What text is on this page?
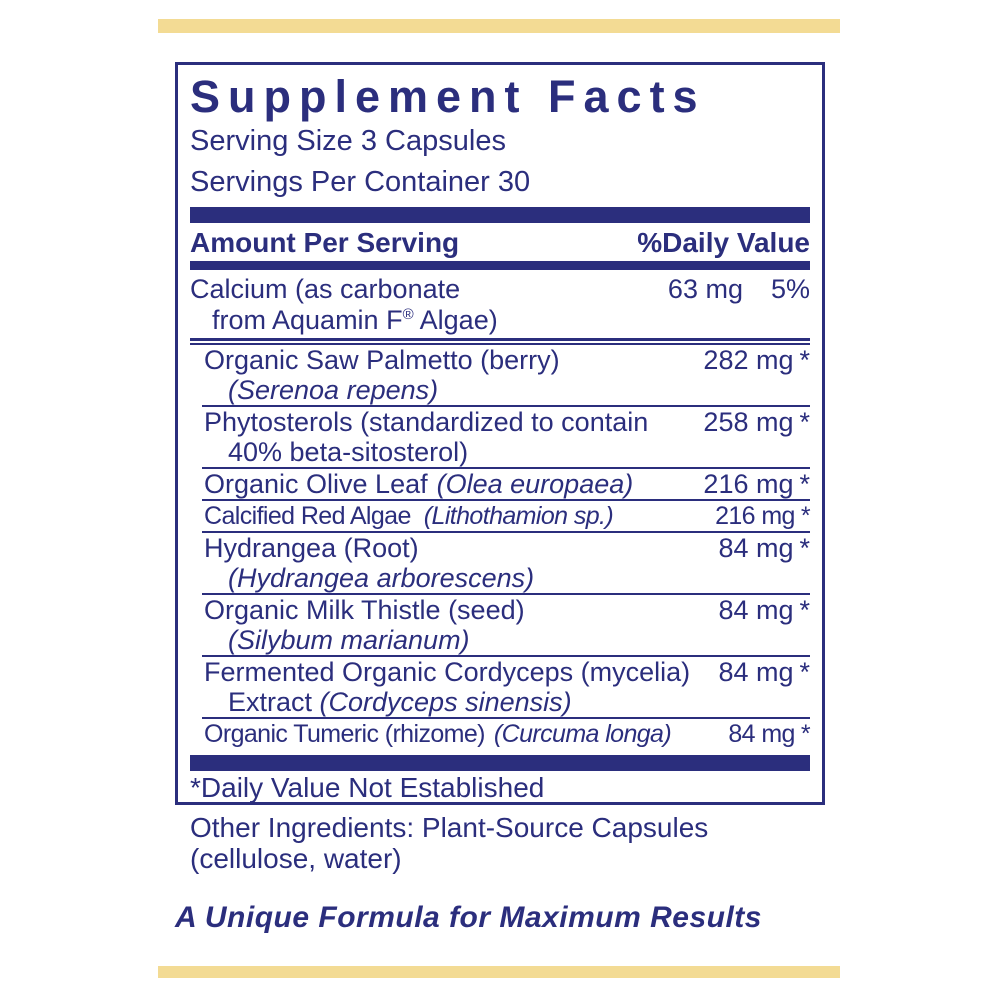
Supplement Facts
Serving Size 3 Capsules
Servings Per Container 30
Amount Per Serving	%Daily Value
Calcium (as carbonate	63 mg 5%
from Aquamin F® Algae)
Organic Saw Palmetto (berry)	282 mg *
(Serenoa repens)
Phytosterols (standardized to contain	258 mg *
40% beta-sitosterol)
Organic Olive Leaf (Olea europaea)	216 mg *
Calcified Red Algae (Lithothamion sp.)	216 mg *
Hydrangea (Root)	84 mg *
(Hydrangea arborescens)
Organic Milk Thistle (seed)	84 mg *
(Silybum marianum)
Fermented Organic Cordyceps (mycelia)	84 mg *
Extract (Cordyceps sinensis)
Organic Tumeric (rhizome) (Curcuma longa)	84 mg *
*Daily Value Not Established
Other Ingredients: Plant-Source Capsules
(cellulose, water)
A Unique Formula for Maximum Results
